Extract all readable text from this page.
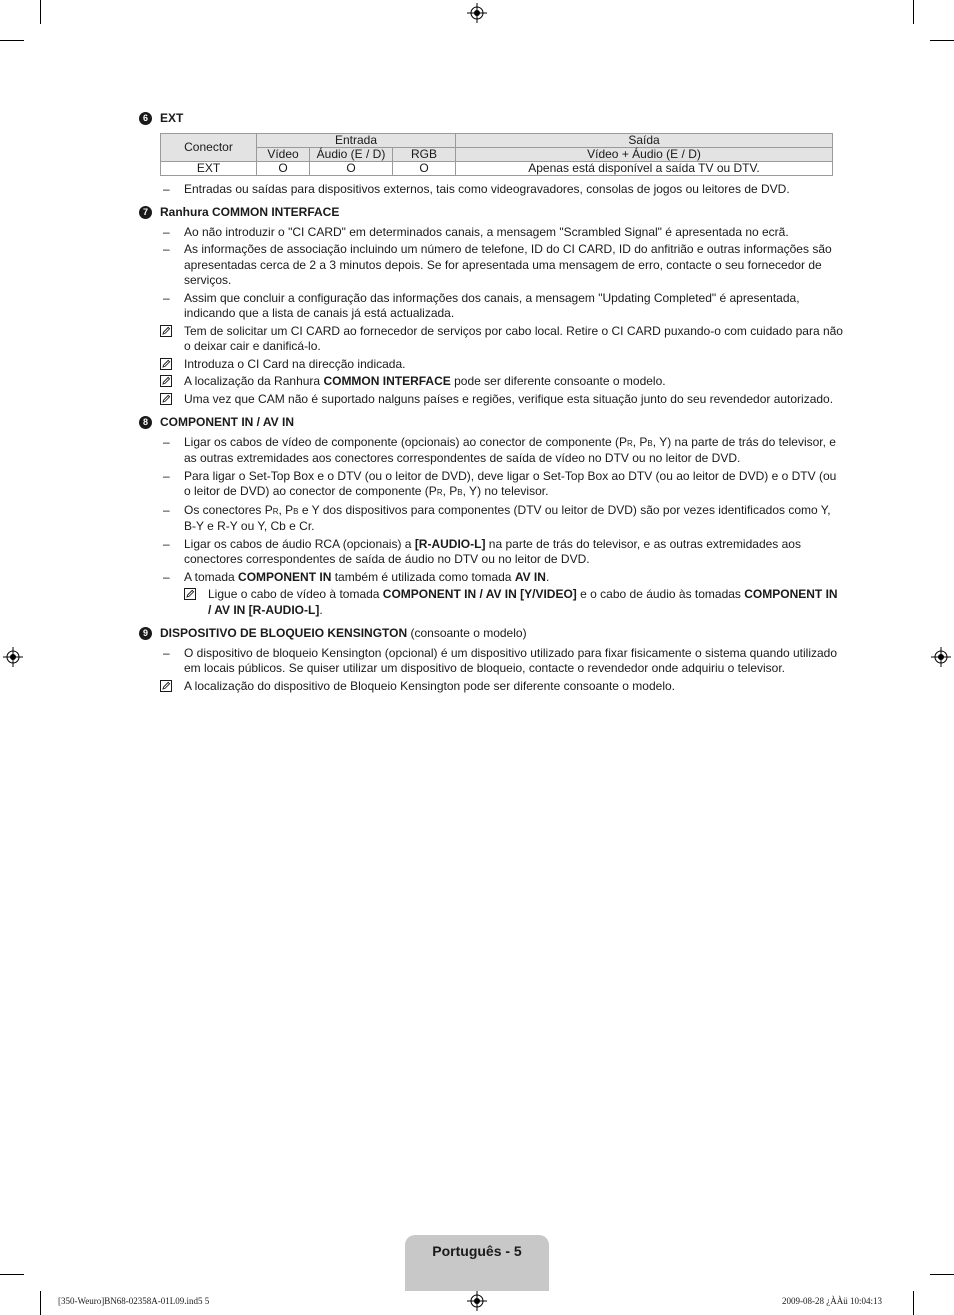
6	EXT
Conector	Entrada			Saída
	Vídeo	Áudio (E / D)	RGB	Vídeo + Áudio (E / D)
EXT	O	O	O	Apenas está disponível a saída TV ou DTV.
– Entradas ou saídas para dispositivos externos, tais como videogravadores, consolas de jogos ou leitores de DVD.
7	Ranhura COMMON INTERFACE
– Ao não introduzir o "CI CARD" em determinados canais, a mensagem "Scrambled Signal" é apresentada no ecrã.
– As informações de associação incluindo um número de telefone, ID do CI CARD, ID do anfitrião e outras informações são apresentadas cerca de 2 a 3 minutos depois. Se for apresentada uma mensagem de erro, contacte o seu fornecedor de serviços.
– Assim que concluir a configuração das informações dos canais, a mensagem "Updating Completed" é apresentada, indicando que a lista de canais já está actualizada.
Tem de solicitar um CI CARD ao fornecedor de serviços por cabo local. Retire o CI CARD puxando-o com cuidado para não o deixar cair e danificá-lo.
Introduza o CI Card na direcção indicada.
A localização da Ranhura COMMON INTERFACE pode ser diferente consoante o modelo.
Uma vez que CAM não é suportado nalguns países e regiões, verifique esta situação junto do seu revendedor autorizado.
8	COMPONENT IN / AV IN
– Ligar os cabos de vídeo de componente (opcionais) ao conector de componente (PR, PB, Y) na parte de trás do televisor, e as outras extremidades aos conectores correspondentes de saída de vídeo no DTV ou no leitor de DVD.
– Para ligar o Set-Top Box e o DTV (ou o leitor de DVD), deve ligar o Set-Top Box ao DTV (ou ao leitor de DVD) e o DTV (ou o leitor de DVD) ao conector de componente (PR, PB, Y) no televisor.
– Os conectores PR, PB e Y dos dispositivos para componentes (DTV ou leitor de DVD) são por vezes identificados como Y, B-Y e R-Y ou Y, Cb e Cr.
– Ligar os cabos de áudio RCA (opcionais) a [R-AUDIO-L] na parte de trás do televisor, e as outras extremidades aos conectores correspondentes de saída de áudio no DTV ou no leitor de DVD.
– A tomada COMPONENT IN também é utilizada como tomada AV IN.
Ligue o cabo de vídeo à tomada COMPONENT IN / AV IN [Y/VIDEO] e o cabo de áudio às tomadas COMPONENT IN / AV IN [R-AUDIO-L].
9	DISPOSITIVO DE BLOQUEIO KENSINGTON (consoante o modelo)
– O dispositivo de bloqueio Kensington (opcional) é um dispositivo utilizado para fixar fisicamente o sistema quando utilizado em locais públicos. Se quiser utilizar um dispositivo de bloqueio, contacte o revendedor onde adquiriu o televisor.
A localização do dispositivo de Bloqueio Kensington pode ser diferente consoante o modelo.
Português - 5
[350-Weuro]BN68-02358A-01L09.ind5 5	2009-08-28 ¿ÀÀü 10:04:13
